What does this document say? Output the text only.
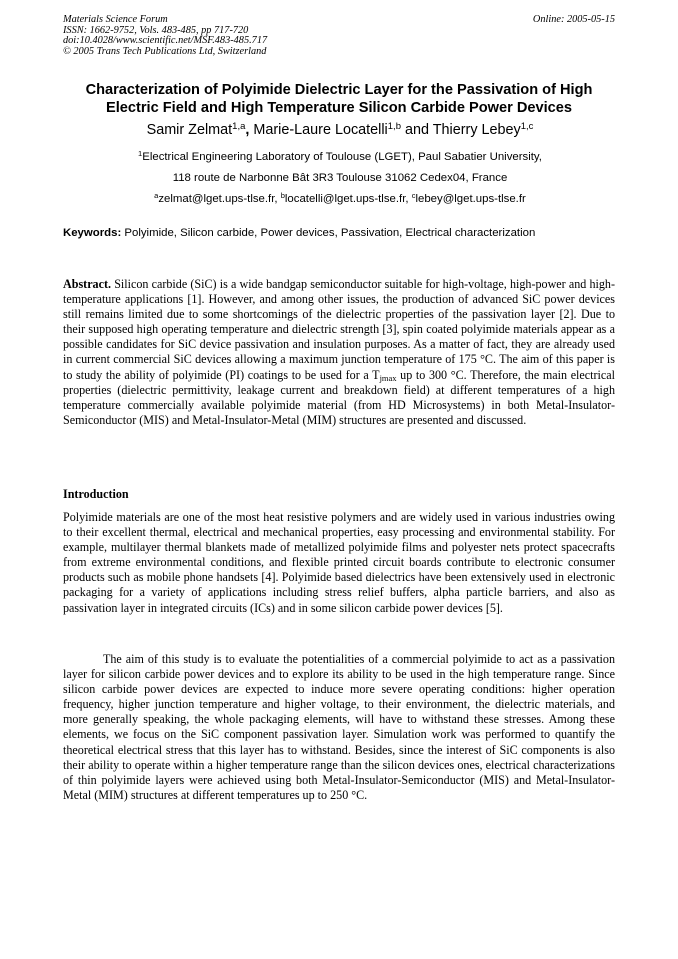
Materials Science Forum
ISSN: 1662-9752, Vols. 483-485, pp 717-720
doi:10.4028/www.scientific.net/MSF.483-485.717
© 2005 Trans Tech Publications Ltd, Switzerland
Online: 2005-05-15
Characterization of Polyimide Dielectric Layer for the Passivation of High
Electric Field and High Temperature Silicon Carbide Power Devices
Samir Zelmat$^{1,a}$, Marie-Laure Locatelli$^{1,b}$ and Thierry Lebey$^{1,c}$
$^1$Electrical Engineering Laboratory of Toulouse (LGET), Paul Sabatier University,
118 route de Narbonne Bât 3R3 Toulouse 31062 Cedex04, France
$^a$zelmat@lget.ups-tlse.fr, $^b$locatelli@lget.ups-tlse.fr, $^c$lebey@lget.ups-tlse.fr
Keywords: Polyimide, Silicon carbide, Power devices, Passivation, Electrical characterization
Abstract. Silicon carbide (SiC) is a wide bandgap semiconductor suitable for high-voltage, high-power and high-temperature applications [1]. However, and among other issues, the production of advanced SiC power devices still remains limited due to some shortcomings of the dielectric properties of the passivation layer [2]. Due to their supposed high operating temperature and dielectric strength [3], spin coated polyimide materials appear as a possible candidates for SiC device passivation and insulation purposes. As a matter of fact, they are already used in current commercial SiC devices allowing a maximum junction temperature of 175 °C. The aim of this paper is to study the ability of polyimide (PI) coatings to be used for a $T_{jmax}$ up to 300 °C. Therefore, the main electrical properties (dielectric permittivity, leakage current and breakdown field) at different temperatures of a high temperature commercially available polyimide material (from HD Microsystems) in both Metal-Insulator-Semiconductor (MIS) and Metal-Insulator-Metal (MIM) structures are presented and discussed.
Introduction
Polyimide materials are one of the most heat resistive polymers and are widely used in various industries owing to their excellent thermal, electrical and mechanical properties, easy processing and environmental stability. For example, multilayer thermal blankets made of metallized polyimide films and polyester nets protect spacecrafts from extreme environmental conditions, and flexible printed circuit boards contribute to electronic consumer products such as mobile phone handsets [4]. Polyimide based dielectrics have been extensively used in electronic packaging for a variety of applications including stress relief buffers, alpha particle barriers, and also as passivation layer in integrated circuits (ICs) and in some silicon carbide power devices [5].
The aim of this study is to evaluate the potentialities of a commercial polyimide to act as a passivation layer for silicon carbide power devices and to explore its ability to be used in the high temperature range. Since silicon carbide power devices are expected to induce more severe operating conditions: higher operation frequency, higher junction temperature and higher voltage, to their environment, the dielectric materials, and more generally speaking, the whole packaging elements, will have to withstand these stresses. Among these elements, we focus on the SiC component passivation layer. Simulation work was performed to quantify the theoretical electrical stress that this layer has to withstand. Besides, since the interest of SiC components is also their ability to operate within a higher temperature range than the silicon devices ones, electrical characterizations of thin polyimide layers were achieved using both Metal-Insulator-Semiconductor (MIS) and Metal-Insulator-Metal (MIM) structures at different temperatures up to 250 °C.
